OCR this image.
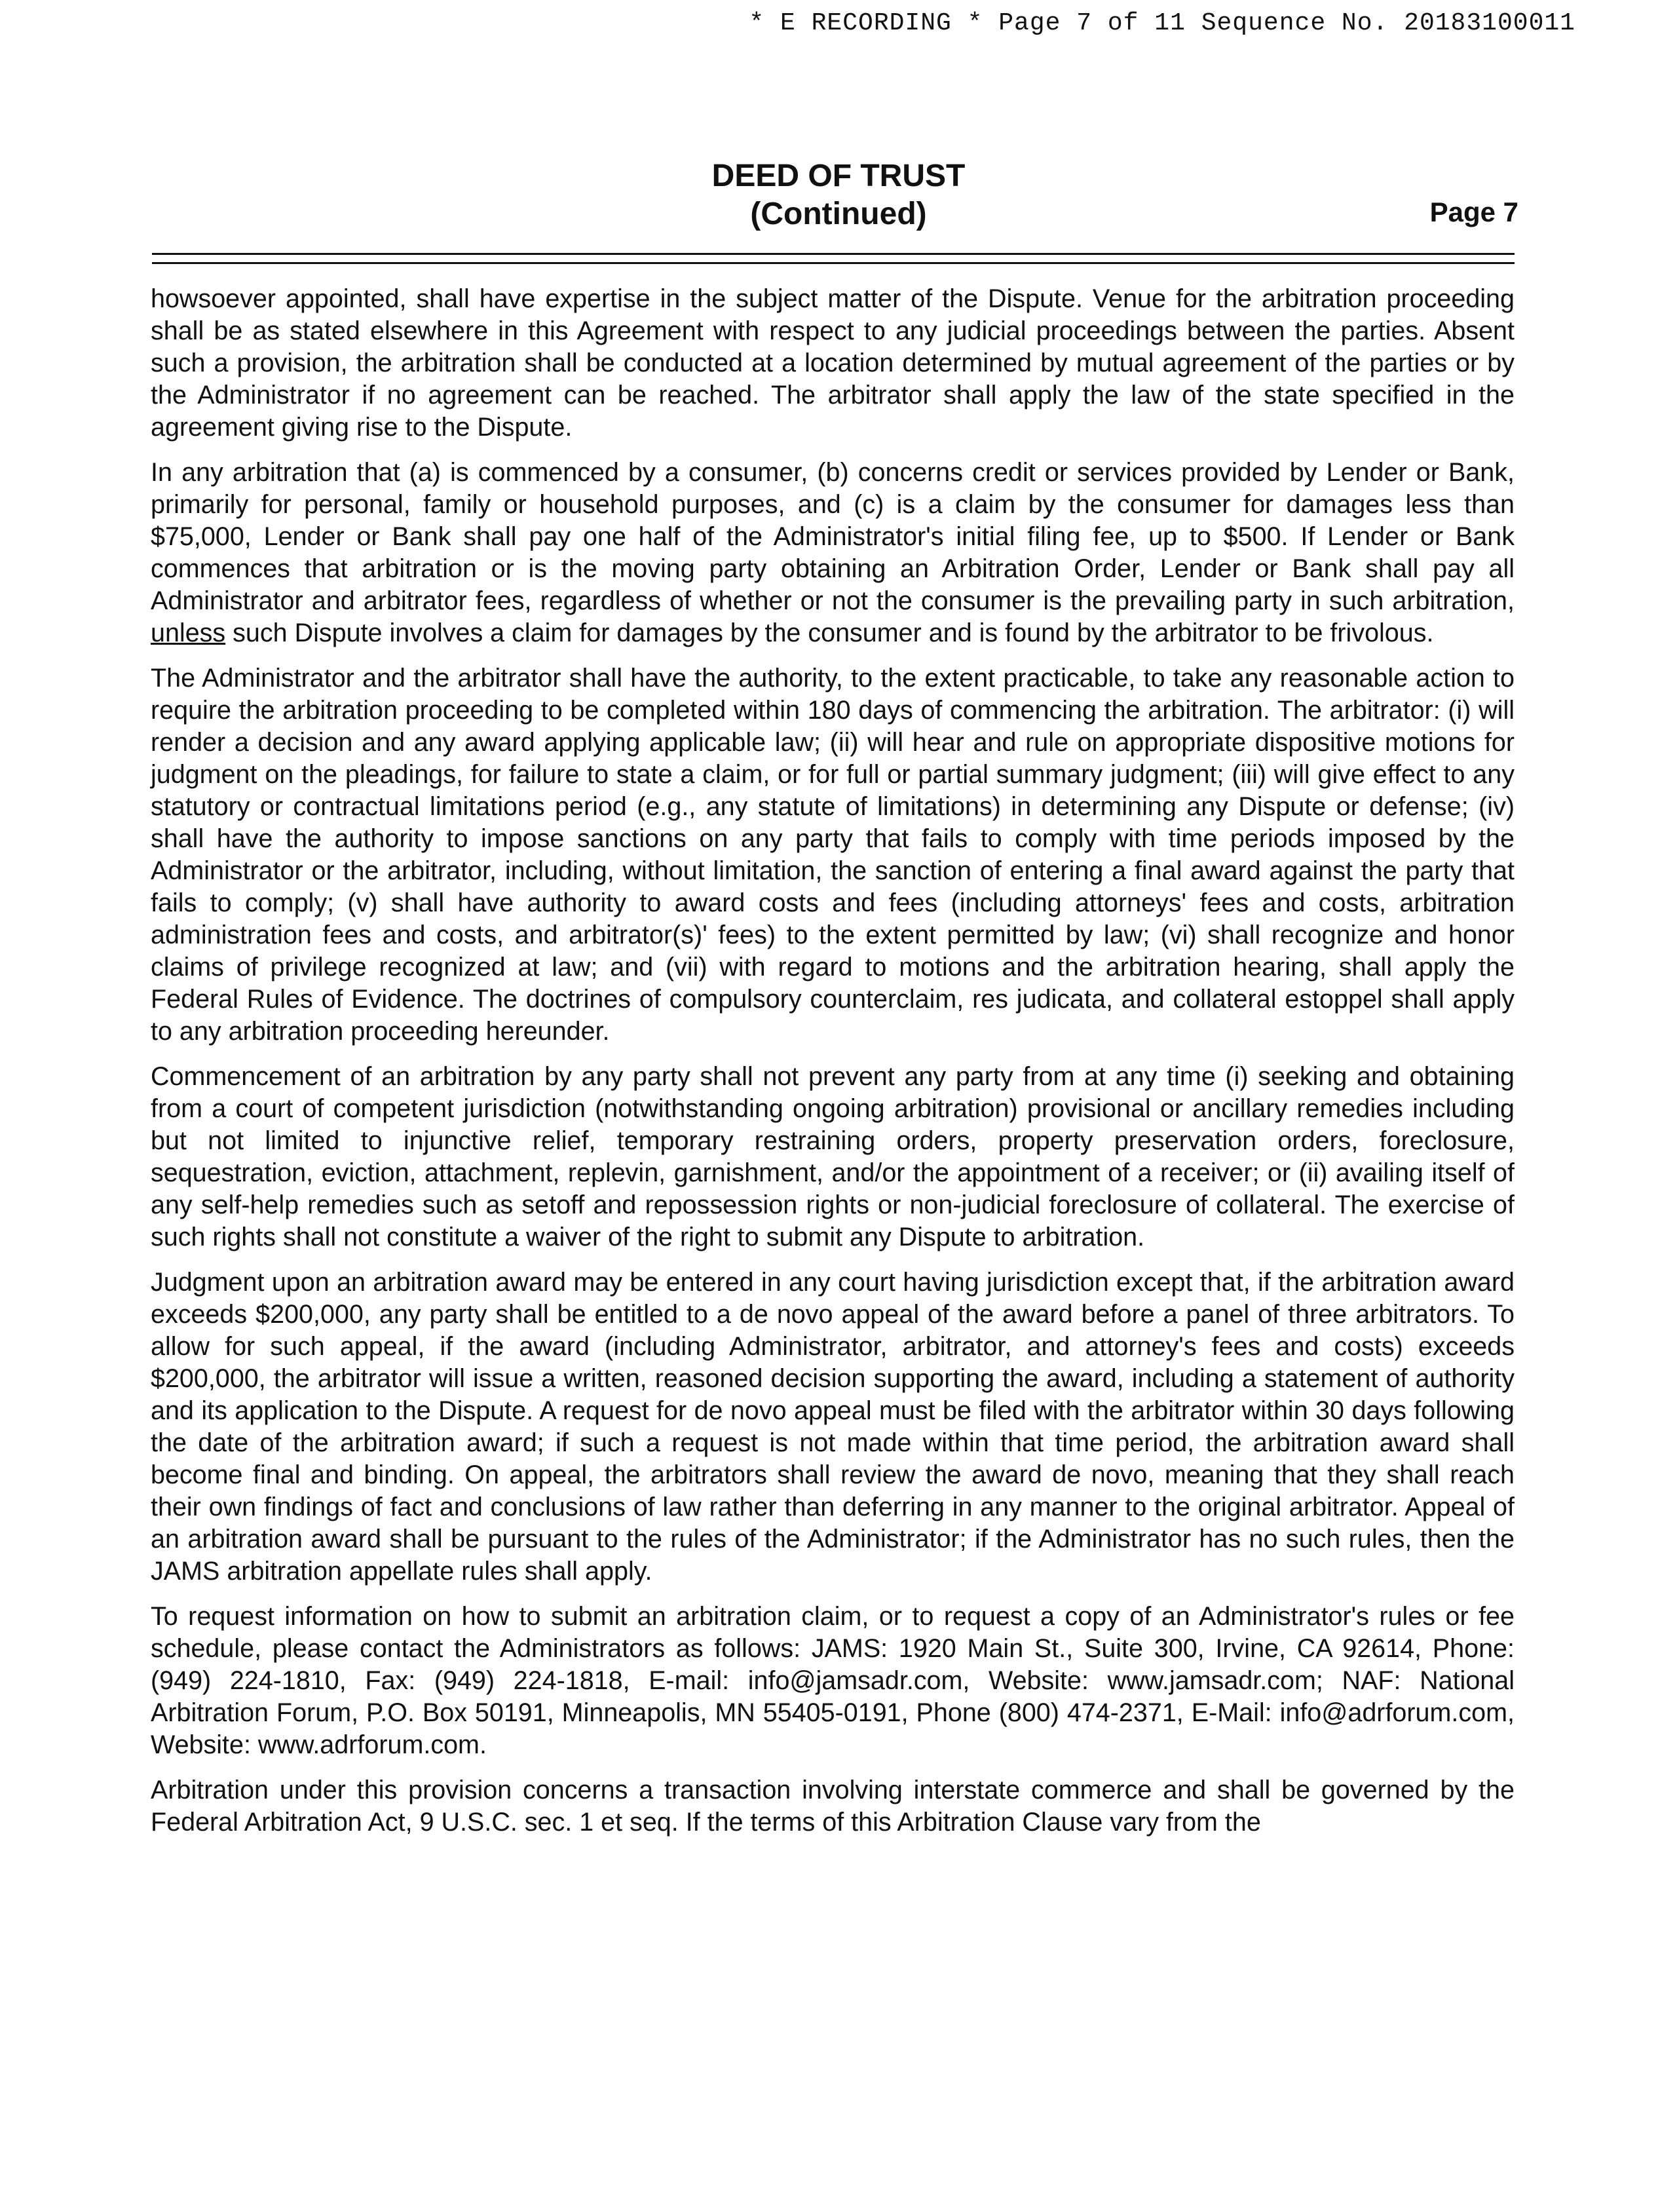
* E RECORDING * Page 7 of 11 Sequence No. 20183100011
DEED OF TRUST
(Continued)	Page 7

howsoever appointed, shall have expertise in the subject matter of the Dispute. Venue for the arbitration proceeding shall be as stated elsewhere in this Agreement with respect to any judicial proceedings between the parties. Absent such a provision, the arbitration shall be conducted at a location determined by mutual agreement of the parties or by the Administrator if no agreement can be reached. The arbitrator shall apply the law of the state specified in the agreement giving rise to the Dispute.

In any arbitration that (a) is commenced by a consumer, (b) concerns credit or services provided by Lender or Bank, primarily for personal, family or household purposes, and (c) is a claim by the consumer for damages less than $75,000, Lender or Bank shall pay one half of the Administrator's initial filing fee, up to $500. If Lender or Bank commences that arbitration or is the moving party obtaining an Arbitration Order, Lender or Bank shall pay all Administrator and arbitrator fees, regardless of whether or not the consumer is the prevailing party in such arbitration, unless such Dispute involves a claim for damages by the consumer and is found by the arbitrator to be frivolous.

The Administrator and the arbitrator shall have the authority, to the extent practicable, to take any reasonable action to require the arbitration proceeding to be completed within 180 days of commencing the arbitration. The arbitrator: (i) will render a decision and any award applying applicable law; (ii) will hear and rule on appropriate dispositive motions for judgment on the pleadings, for failure to state a claim, or for full or partial summary judgment; (iii) will give effect to any statutory or contractual limitations period (e.g., any statute of limitations) in determining any Dispute or defense; (iv) shall have the authority to impose sanctions on any party that fails to comply with time periods imposed by the Administrator or the arbitrator, including, without limitation, the sanction of entering a final award against the party that fails to comply; (v) shall have authority to award costs and fees (including attorneys' fees and costs, arbitration administration fees and costs, and arbitrator(s)' fees) to the extent permitted by law; (vi) shall recognize and honor claims of privilege recognized at law; and (vii) with regard to motions and the arbitration hearing, shall apply the Federal Rules of Evidence. The doctrines of compulsory counterclaim, res judicata, and collateral estoppel shall apply to any arbitration proceeding hereunder.

Commencement of an arbitration by any party shall not prevent any party from at any time (i) seeking and obtaining from a court of competent jurisdiction (notwithstanding ongoing arbitration) provisional or ancillary remedies including but not limited to injunctive relief, temporary restraining orders, property preservation orders, foreclosure, sequestration, eviction, attachment, replevin, garnishment, and/or the appointment of a receiver; or (ii) availing itself of any self-help remedies such as setoff and repossession rights or non-judicial foreclosure of collateral. The exercise of such rights shall not constitute a waiver of the right to submit any Dispute to arbitration.

Judgment upon an arbitration award may be entered in any court having jurisdiction except that, if the arbitration award exceeds $200,000, any party shall be entitled to a de novo appeal of the award before a panel of three arbitrators. To allow for such appeal, if the award (including Administrator, arbitrator, and attorney's fees and costs) exceeds $200,000, the arbitrator will issue a written, reasoned decision supporting the award, including a statement of authority and its application to the Dispute. A request for de novo appeal must be filed with the arbitrator within 30 days following the date of the arbitration award; if such a request is not made within that time period, the arbitration award shall become final and binding. On appeal, the arbitrators shall review the award de novo, meaning that they shall reach their own findings of fact and conclusions of law rather than deferring in any manner to the original arbitrator. Appeal of an arbitration award shall be pursuant to the rules of the Administrator; if the Administrator has no such rules, then the JAMS arbitration appellate rules shall apply.

To request information on how to submit an arbitration claim, or to request a copy of an Administrator's rules or fee schedule, please contact the Administrators as follows: JAMS: 1920 Main St., Suite 300, Irvine, CA 92614, Phone: (949) 224-1810, Fax: (949) 224-1818, E-mail: info@jamsadr.com, Website: www.jamsadr.com; NAF: National Arbitration Forum, P.O. Box 50191, Minneapolis, MN 55405-0191, Phone (800) 474-2371, E-Mail: info@adrforum.com, Website: www.adrforum.com.

Arbitration under this provision concerns a transaction involving interstate commerce and shall be governed by the Federal Arbitration Act, 9 U.S.C. sec. 1 et seq. If the terms of this Arbitration Clause vary from the
